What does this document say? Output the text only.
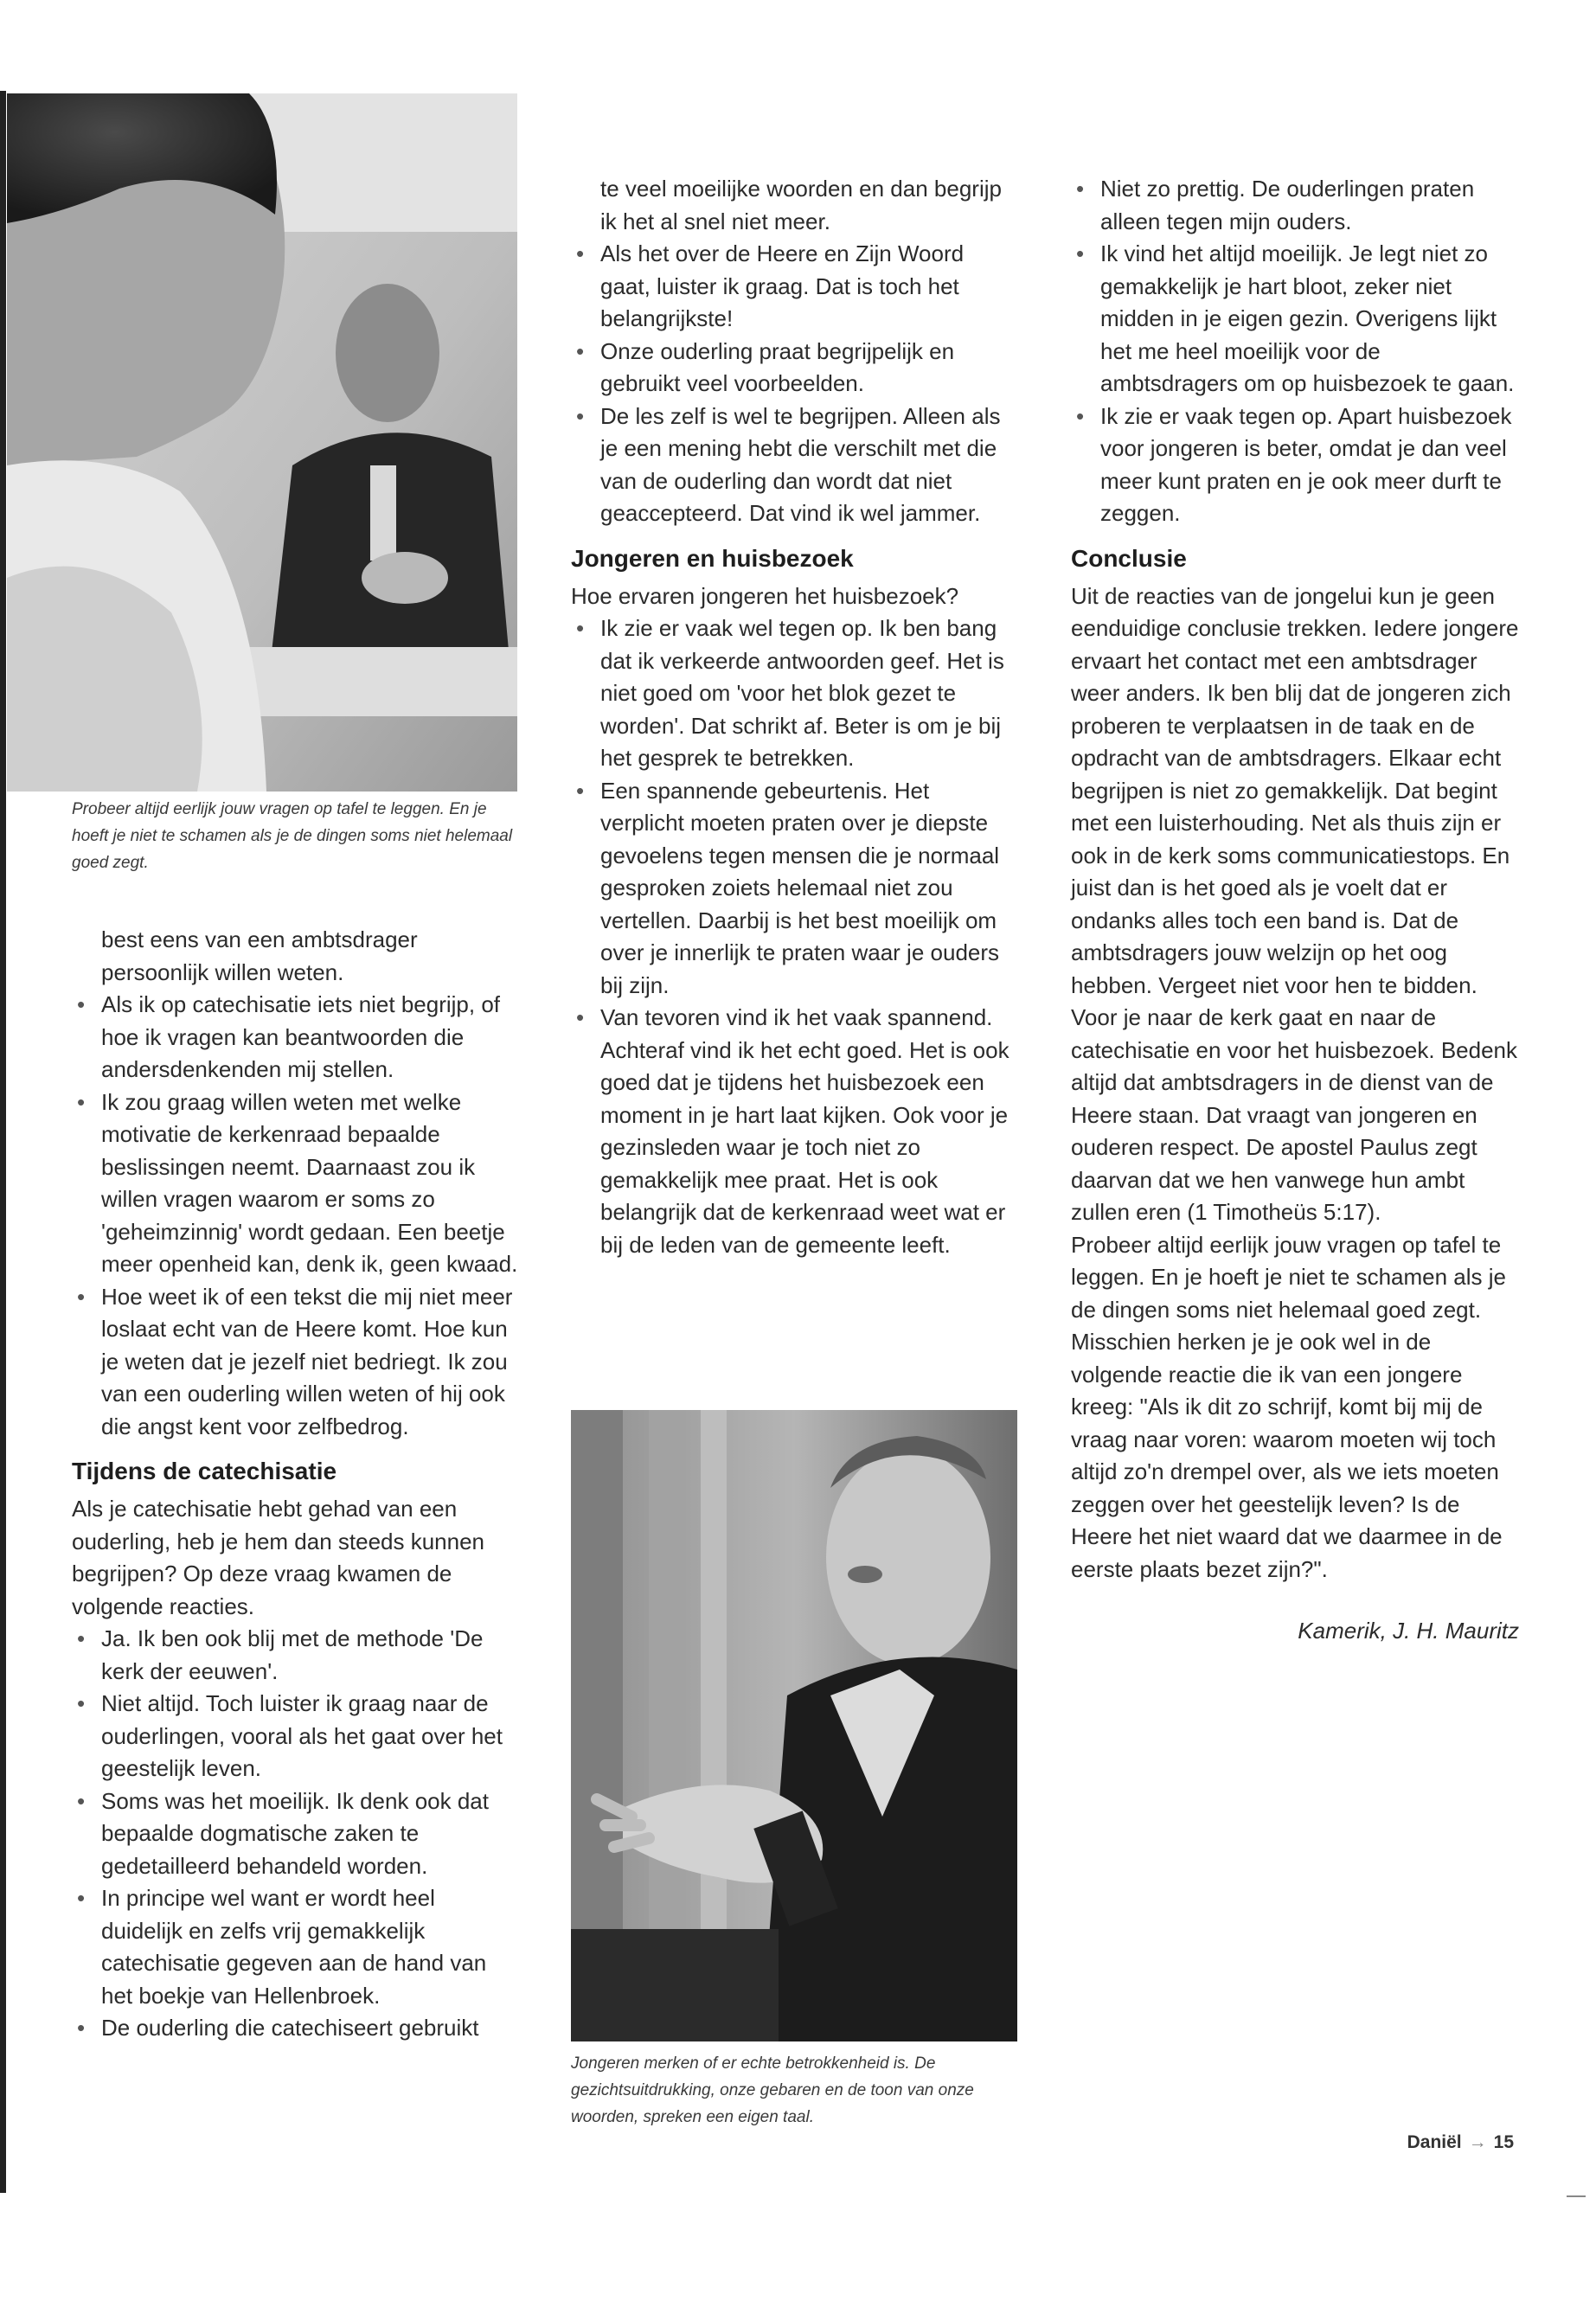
Probeer altijd eerlijk jouw vragen op tafel te leggen. En je hoeft je niet te schamen als je de dingen soms niet helemaal goed zegt.

best eens van een ambtsdrager persoonlijk willen weten.

• Als ik op catechisatie iets niet begrijp, of hoe ik vragen kan beantwoorden die andersdenkenden mij stellen.
• Ik zou graag willen weten met welke motivatie de kerkenraad bepaalde beslissingen neemt. Daarnaast zou ik willen vragen waarom er soms zo 'geheimzinnig' wordt gedaan. Een beetje meer openheid kan, denk ik, geen kwaad.
• Hoe weet ik of een tekst die mij niet meer loslaat echt van de Heere komt. Hoe kun je weten dat je jezelf niet bedriegt. Ik zou van een ouderling willen weten of hij ook die angst kent voor zelfbedrog.
Tijdens de catechisatie

Als je catechisatie hebt gehad van een ouderling, heb je hem dan steeds kunnen begrijpen? Op deze vraag kwamen de volgende reacties.

• Ja. Ik ben ook blij met de methode 'De kerk der eeuwen'.
• Niet altijd. Toch luister ik graag naar de ouderlingen, vooral als het gaat over het geestelijk leven.
• Soms was het moeilijk. Ik denk ook dat bepaalde dogmatische zaken te gedetailleerd behandeld worden.
• In principe wel want er wordt heel duidelijk en zelfs vrij gemakkelijk catechisatie gegeven aan de hand van het boekje van Hellenbroek.
• De ouderling die catechiseert gebruikt

te veel moeilijke woorden en dan begrijp ik het al snel niet meer.

• Als het over de Heere en Zijn Woord gaat, luister ik graag. Dat is toch het belangrijkste!
• Onze ouderling praat begrijpelijk en gebruikt veel voorbeelden.
• De les zelf is wel te begrijpen. Alleen als je een mening hebt die verschilt met die van de ouderling dan wordt dat niet geaccepteerd. Dat vind ik wel jammer.
Jongeren en huisbezoek

Hoe ervaren jongeren het huisbezoek?

• Ik zie er vaak wel tegen op. Ik ben bang dat ik verkeerde antwoorden geef. Het is niet goed om 'voor het blok gezet te worden'. Dat schrikt af. Beter is om je bij het gesprek te betrekken.
• Een spannende gebeurtenis. Het verplicht moeten praten over je diepste gevoelens tegen mensen die je normaal gesproken zoiets helemaal niet zou vertellen. Daarbij is het best moeilijk om over je innerlijk te praten waar je ouders bij zijn.
• Van tevoren vind ik het vaak spannend. Achteraf vind ik het echt goed. Het is ook goed dat je tijdens het huisbezoek een moment in je hart laat kijken. Ook voor je gezinsleden waar je toch niet zo gemakkelijk mee praat. Het is ook belangrijk dat de kerkenraad weet wat er bij de leden van de gemeente leeft.
Jongeren merken of er echte betrokkenheid is. De gezichtsuitdrukking, onze gebaren en de toon van onze woorden, spreken een eigen taal.
• Niet zo prettig. De ouderlingen praten alleen tegen mijn ouders.
• Ik vind het altijd moeilijk. Je legt niet zo gemakkelijk je hart bloot, zeker niet midden in je eigen gezin. Overigens lijkt het me heel moeilijk voor de ambtsdragers om op huisbezoek te gaan.
• Ik zie er vaak tegen op. Apart huisbezoek voor jongeren is beter, omdat je dan veel meer kunt praten en je ook meer durft te zeggen.
Conclusie

Uit de reacties van de jongelui kun je geen eenduidige conclusie trekken. Iedere jongere ervaart het contact met een ambtsdrager weer anders. Ik ben blij dat de jongeren zich proberen te verplaatsen in de taak en de opdracht van de ambtsdragers. Elkaar echt begrijpen is niet zo gemakkelijk. Dat begint met een luisterhouding. Net als thuis zijn er ook in de kerk soms communicatiestops. En juist dan is het goed als je voelt dat er ondanks alles toch een band is. Dat de ambtsdragers jouw welzijn op het oog hebben. Vergeet niet voor hen te bidden. Voor je naar de kerk gaat en naar de catechisatie en voor het huisbezoek. Bedenk altijd dat ambtsdragers in de dienst van de Heere staan. Dat vraagt van jongeren en ouderen respect. De apostel Paulus zegt daarvan dat we hen vanwege hun ambt zullen eren (1 Timotheüs 5:17).

Probeer altijd eerlijk jouw vragen op tafel te leggen. En je hoeft je niet te schamen als je de dingen soms niet helemaal goed zegt.

Misschien herken je je ook wel in de volgende reactie die ik van een jongere kreeg: "Als ik dit zo schrijf, komt bij mij de vraag naar voren: waarom moeten wij toch altijd zo'n drempel over, als we iets moeten zeggen over het geestelijk leven? Is de Heere het niet waard dat we daarmee in de eerste plaats bezet zijn?".

Kamerik, J. H. Mauritz

Daniël → 15
